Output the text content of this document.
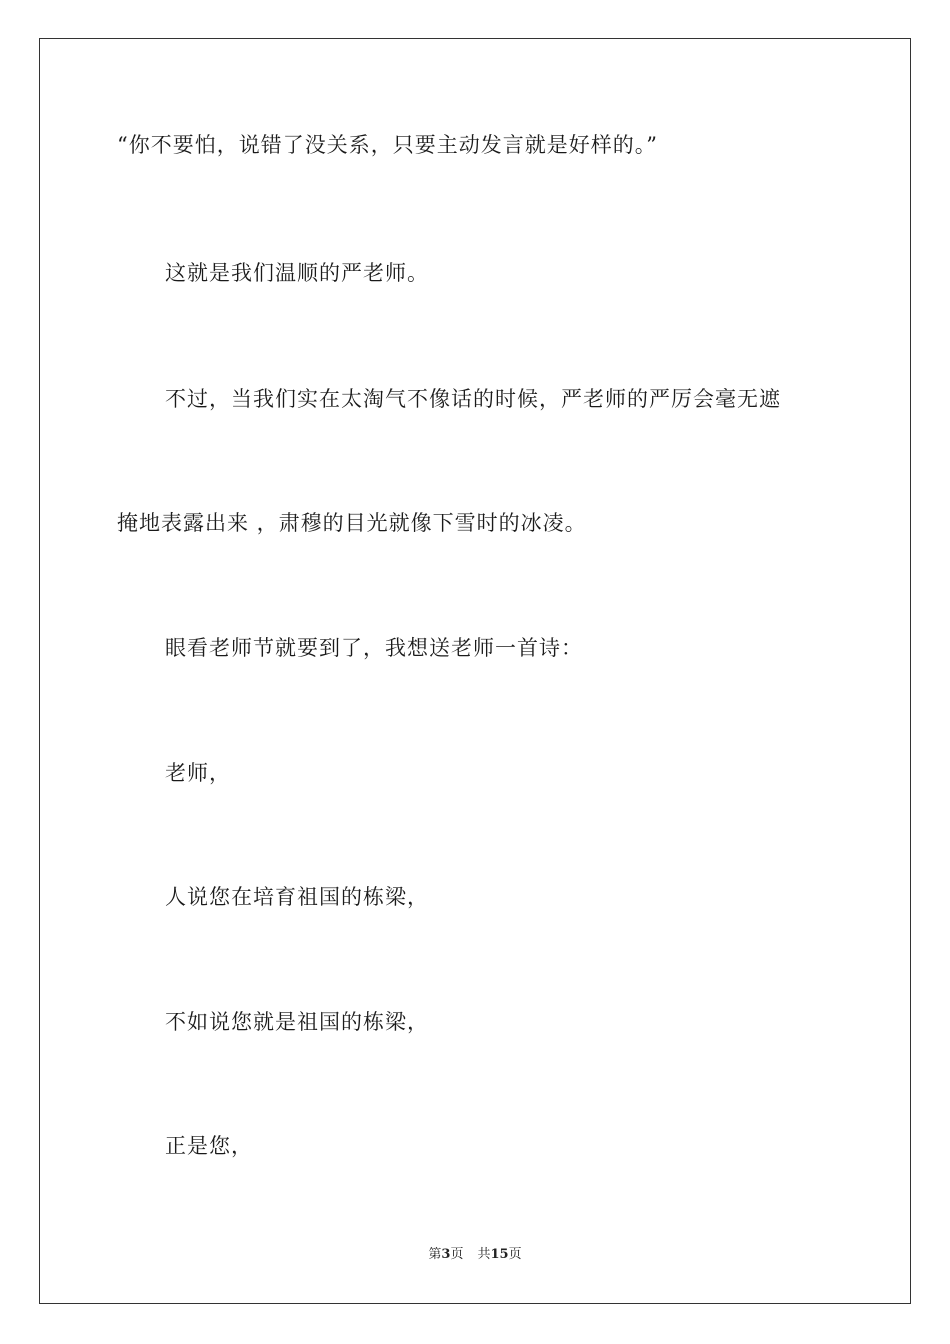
“你不要怕，说错了没关系，只要主动发言就是好样的。”
这就是我们温顺的严老师。
不过，当我们实在太淘气不像话的时候，严老师的严厉会毫无遮
掩地表露出来 ，肃穆的目光就像下雪时的冰凌。
眼看老师节就要到了，我想送老师一首诗：
老师，
人说您在培育祖国的栋梁，
不如说您就是祖国的栋梁，
正是您，
第3页 共15页
